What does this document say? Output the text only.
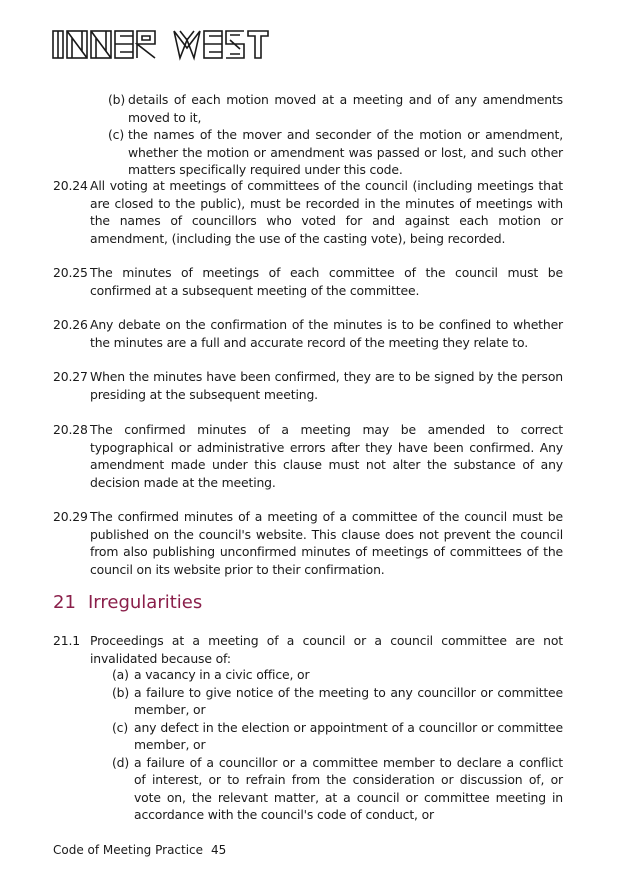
INNER WEST
(b) details of each motion moved at a meeting and of any amendments moved to it,
(c) the names of the mover and seconder of the motion or amendment, whether the motion or amendment was passed or lost, and such other matters specifically required under this code.
20.24 All voting at meetings of committees of the council (including meetings that are closed to the public), must be recorded in the minutes of meetings with the names of councillors who voted for and against each motion or amendment, (including the use of the casting vote), being recorded.
20.25 The minutes of meetings of each committee of the council must be confirmed at a subsequent meeting of the committee.
20.26 Any debate on the confirmation of the minutes is to be confined to whether the minutes are a full and accurate record of the meeting they relate to.
20.27 When the minutes have been confirmed, they are to be signed by the person presiding at the subsequent meeting.
20.28 The confirmed minutes of a meeting may be amended to correct typographical or administrative errors after they have been confirmed. Any amendment made under this clause must not alter the substance of any decision made at the meeting.
20.29 The confirmed minutes of a meeting of a committee of the council must be published on the council's website. This clause does not prevent the council from also publishing unconfirmed minutes of meetings of committees of the council on its website prior to their confirmation.
21 Irregularities
21.1 Proceedings at a meeting of a council or a council committee are not invalidated because of:
(a) a vacancy in a civic office, or
(b) a failure to give notice of the meeting to any councillor or committee member, or
(c) any defect in the election or appointment of a councillor or committee member, or
(d) a failure of a councillor or a committee member to declare a conflict of interest, or to refrain from the consideration or discussion of, or vote on, the relevant matter, at a council or committee meeting in accordance with the council's code of conduct, or
Code of Meeting Practice 45
